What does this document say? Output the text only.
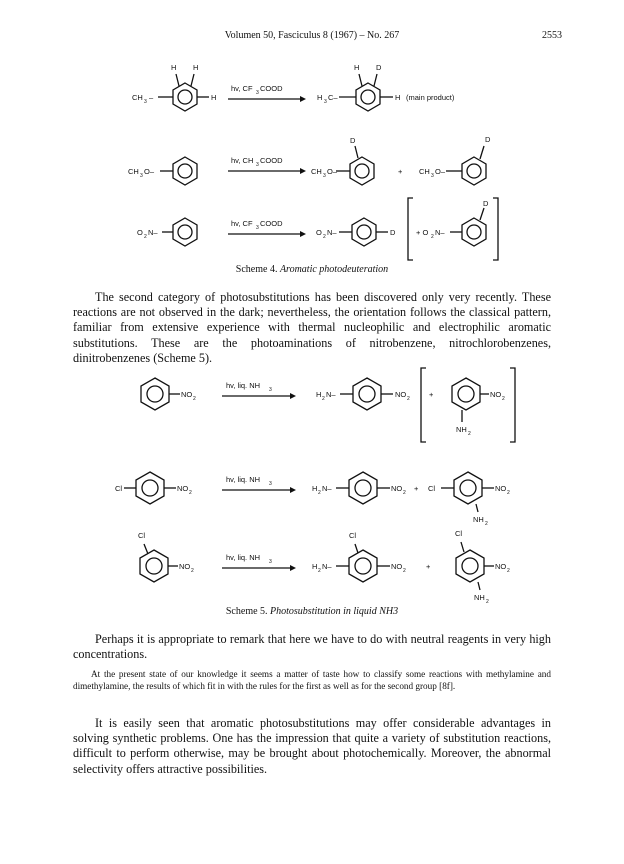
Volumen 50, Fasciculus 8 (1967) – No. 267	2553
H H
CH 3 –	H
hv, CF 3 COOD
H D
H 3 C–	H (main product)
CH 3 O–
hv, CH 3 COOD
D
CH 3 O–	+ CH 3 O–
D
O 2 N–
hv, CF 3 COOD
O 2 N–	D	+ O 2 N–
D
Scheme 4. Aromatic photodeuteration
The second category of photosubstitutions has been discovered only very recently. These reactions are not observed in the dark; nevertheless, the orientation follows the classical pattern, familiar from extensive experience with thermal nucleophilic and electrophilic aromatic substitutions. These are the photoaminations of nitrobenzene, nitrochlorobenzenes, dinitrobenzenes (Scheme 5).
NO 2
hv, liq. NH 3	H 2 N–	NO 2	+	NO 2
NH 2
Cl	NO 2
hv, liq. NH 3	H 2 N–	NO 2 + Cl	NO 2
NH 2
Cl
NO 2
hv, liq. NH 3	H 2 N–
Cl
NO 2	+
Cl
NO 2
NH 2
Scheme 5. Photosubstitution in liquid NH3
Perhaps it is appropriate to remark that here we have to do with neutral reagents in very high concentrations.
At the present state of our knowledge it seems a matter of taste how to classify some reactions with methylamine and dimethylamine, the results of which fit in with the rules for the first as well as for the second group [8f].
It is easily seen that aromatic photosubstitutions may offer considerable advantages in solving synthetic problems. One has the impression that quite a variety of substitution reactions, difficult to perform otherwise, may be brought about photochemically. Moreover, the abnormal selectivity offers attractive possibilities.
